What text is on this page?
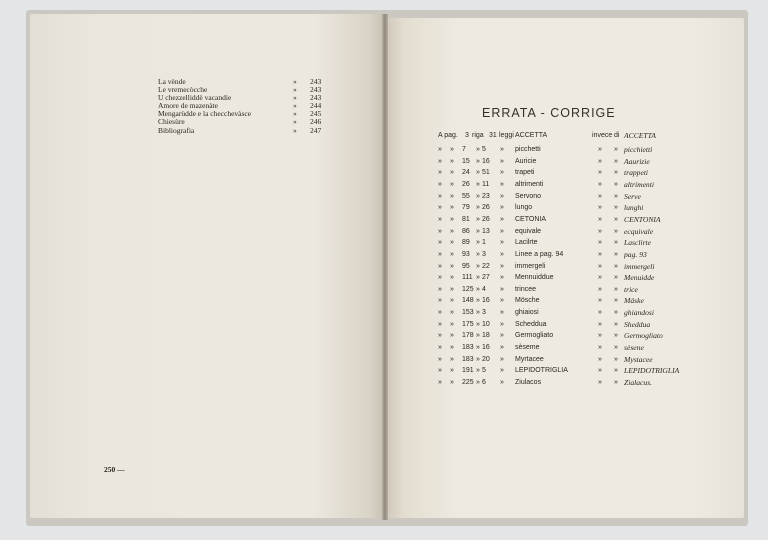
La vènde	» 243
Le vremecòcche	» 243
U chezzelliddè vacandie	» 243
Amore de mazenàte	» 244
Mengarùdde e la checchevàsce	» 245
Chiesùre	» 246
Bibliografia	» 247
250 —
ERRATA - CORRIGE
A pag. 3 riga 31 leggi ACCETTA	invece di ACCETTA
» » 7 » 5 » picchetti	» » picchietti
» » 15 » 16 » Auricie	» » Aaurizie
» » 24 » 51 » trapeti	» » trappeti
» » 26 » 11 » altrimenti	» » altrimenti
» » 55 » 23 » Servono	» » Serve
» » 79 » 26 » lungo	» » lunghi
» » 81 » 26 » CETONIA	» » CENTONIA
» » 86 » 13 » equivale	» » ecquivale
» » 89 » 1 » Lacilrte	» » Lasclirte
» » 93 » 3 » Linee a pag. 94	» » pag. 93
» » 95 » 22 » immergeli	» » immergeli
» » 111 » 27 » Mennuiddue	» » Menuidde
» » 125 » 4 » trincee	» » trice
» » 148 » 16 » Mösche	» » Mäske
» » 153 » 3 » ghiaiosi	» » ghiandosi
» » 175 » 10 » Scheddua	» » Sheddua
» » 178 » 18 » Germogliato	» » Germogliato
» » 183 » 16 » sèseme	» » sèsene
» » 183 » 20 » Myrtacee	» » Mystacee
» » 191 » 5 » LEPIDOTRIGLIA	» » LEPIDOTRIGLIA
» » 225 » 6 » Ziulacos	» » Zialacus.
